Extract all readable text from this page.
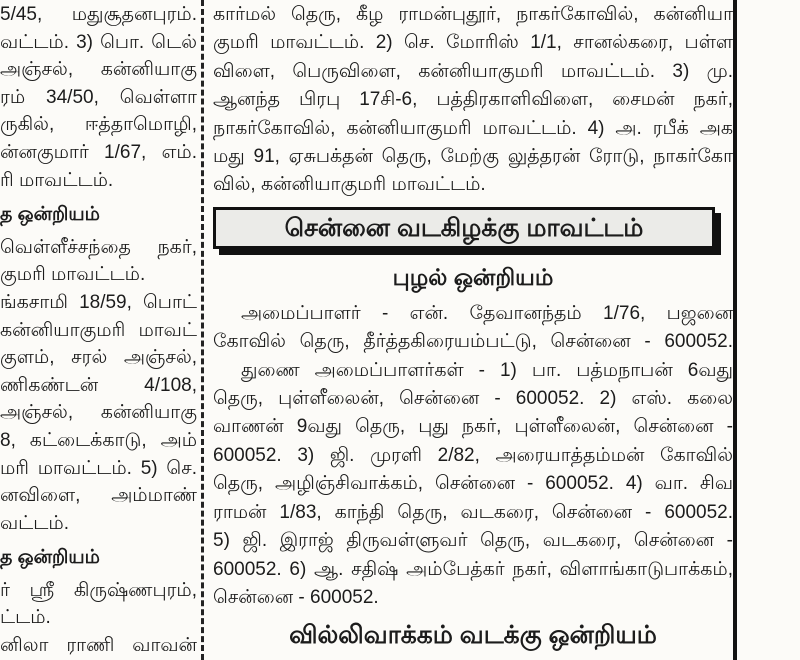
5/45, மதுசூதனபுரம்.
வட்டம். 3) பொ. டெல்
அஞ்சல், கன்னியாகு
ரம் 34/50, வெள்ளா
ருகில், ஈத்தாமொழி,
ன்னகுமார் 1/67, எம்.
ரி மாவட்டம்.
த ஒன்றியம்
வெள்ளீச்சந்தை நகர்,
குமரி மாவட்டம்.
ங்கசாமி 18/59, பொட்
கன்னியாகுமரி மாவட்
குளம், சரல் அஞ்சல்,
ணிகண்டன் 4/108,
அஞ்சல், கன்னியாகு
8, கட்டைக்காடு, அம்
மரி மாவட்டம். 5) செ.
னவிளை, அம்மாண்
வட்டம்.
த ஒன்றியம்
ர் ஸ்ரீ கிருஷ்ணபுரம்,
ட்டம்.
னிலா ராணி வாவன்
கார்மல் தெரு, கீழ ராமன்புதூர், நாகர்கோவில், கன்னியா
குமரி மாவட்டம். 2) செ. மோரிஸ் 1/1, சானல்கரை, பள்ள
விளை, பெருவிளை, கன்னியாகுமரி மாவட்டம். 3) மு.
ஆனந்த பிரபு 17சி-6, பத்திரகாளிவிளை, சைமன் நகர்,
நாகர்கோவில், கன்னியாகுமரி மாவட்டம். 4) அ. ரபீக் அக
மது 91, ஏசுபக்தன் தெரு, மேற்கு லுத்தரன் ரோடு, நாகர்கோ
வில், கன்னியாகுமரி மாவட்டம்.
சென்னை வடகிழக்கு மாவட்டம்
புழல் ஒன்றியம்
அமைப்பாளர் - என். தேவானந்தம் 1/76, பஜனை
கோவில் தெரு, தீர்த்தகிரையம்பட்டு, சென்னை - 600052.
துணை அமைப்பாளர்கள் - 1) பா. பத்மநாபன் 6வது
தெரு, புள்ளீலைன், சென்னை - 600052. 2) எஸ். கலை
வாணன் 9வது தெரு, புது நகர், புள்ளீலைன், சென்னை -
600052. 3) ஜி. முரளி 2/82, அரையாத்தம்மன் கோவில்
தெரு, அழிஞ்சிவாக்கம், சென்னை - 600052. 4) வா. சிவ
ராமன் 1/83, காந்தி தெரு, வடகரை, சென்னை - 600052.
5) ஜி. இராஜ் திருவள்ளுவர் தெரு, வடகரை, சென்னை -
600052. 6) ஆ. சதிஷ் அம்பேத்கர் நகர், விளாங்காடுபாக்கம்,
சென்னை - 600052.
வில்லிவாக்கம் வடக்கு ஒன்றியம்
